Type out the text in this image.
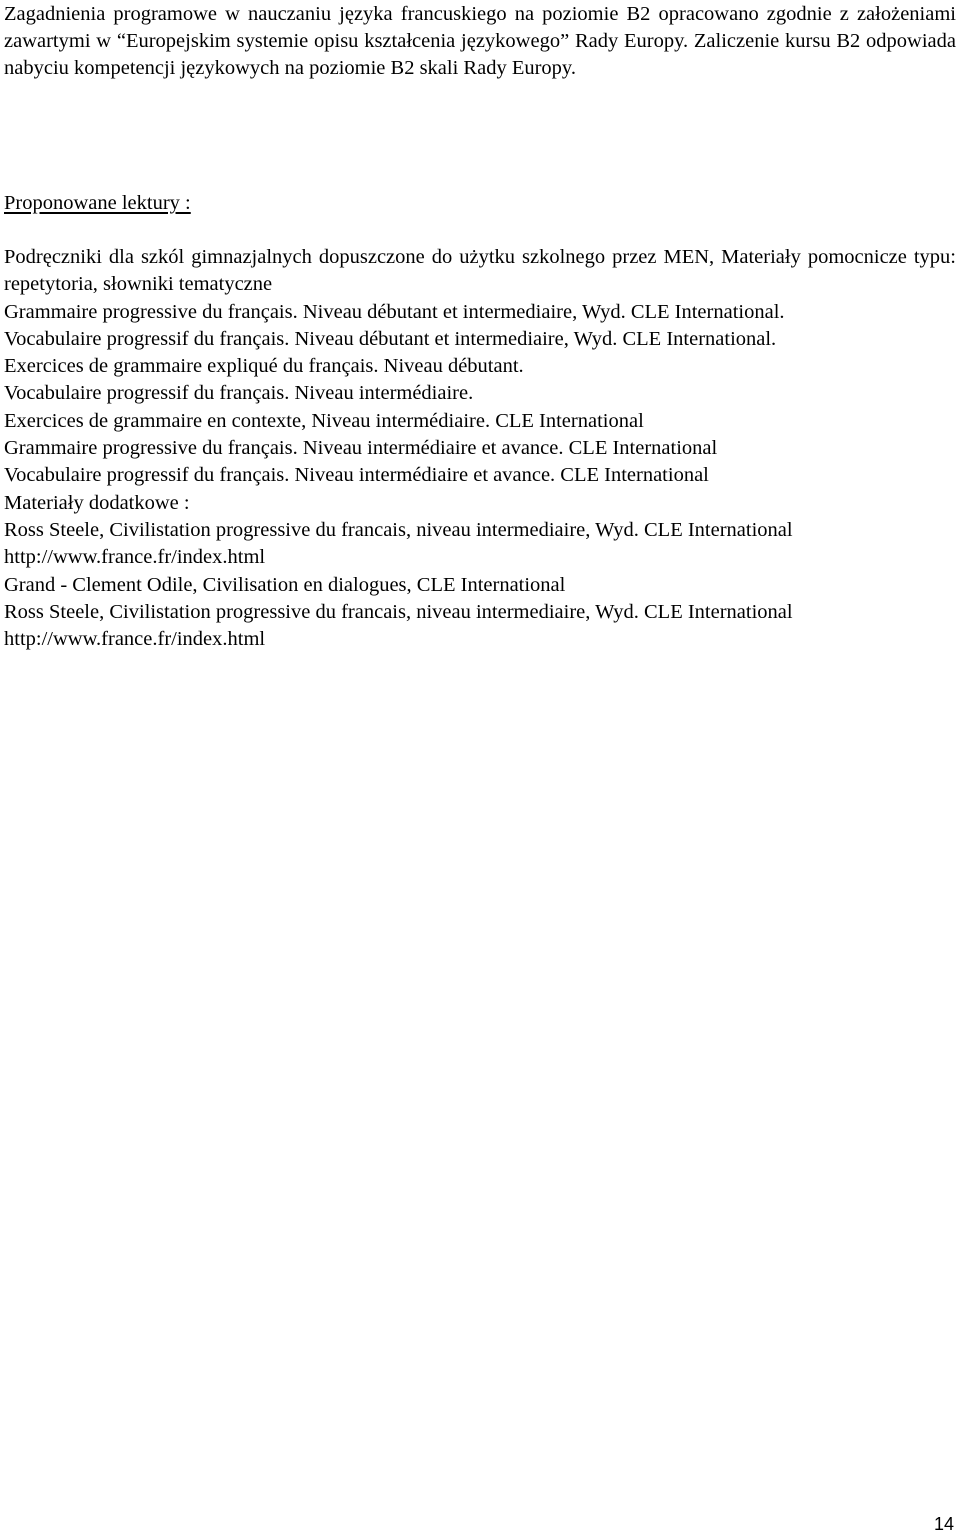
Zagadnienia programowe w nauczaniu języka francuskiego na poziomie B2 opracowano zgodnie z założeniami zawartymi w “Europejskim systemie opisu kształcenia językowego” Rady Europy. Zaliczenie kursu B2 odpowiada nabyciu kompetencji językowych na poziomie B2 skali Rady Europy.

Proponowane lektury :
Podręczniki dla szkól gimnazjalnych dopuszczone do użytku szkolnego przez MEN, Materiały pomocnicze typu: repetytoria, słowniki tematyczne
Grammaire progressive du français. Niveau débutant et intermediaire, Wyd. CLE International.
Vocabulaire progressif du français. Niveau débutant et intermediaire, Wyd. CLE International.
Exercices de grammaire expliqué du français. Niveau débutant.
Vocabulaire progressif du français. Niveau intermédiaire.
Exercices de grammaire en contexte, Niveau intermédiaire. CLE International
Grammaire progressive du français. Niveau intermédiaire et avance. CLE International
Vocabulaire progressif du français. Niveau intermédiaire et avance. CLE International
Materiały dodatkowe :
Ross Steele, Civilistation progressive du francais, niveau intermediaire, Wyd. CLE International
http://www.france.fr/index.html
Grand - Clement Odile, Civilisation en dialogues, CLE International
Ross Steele, Civilistation progressive du francais, niveau intermediaire, Wyd. CLE International
http://www.france.fr/index.html
14
